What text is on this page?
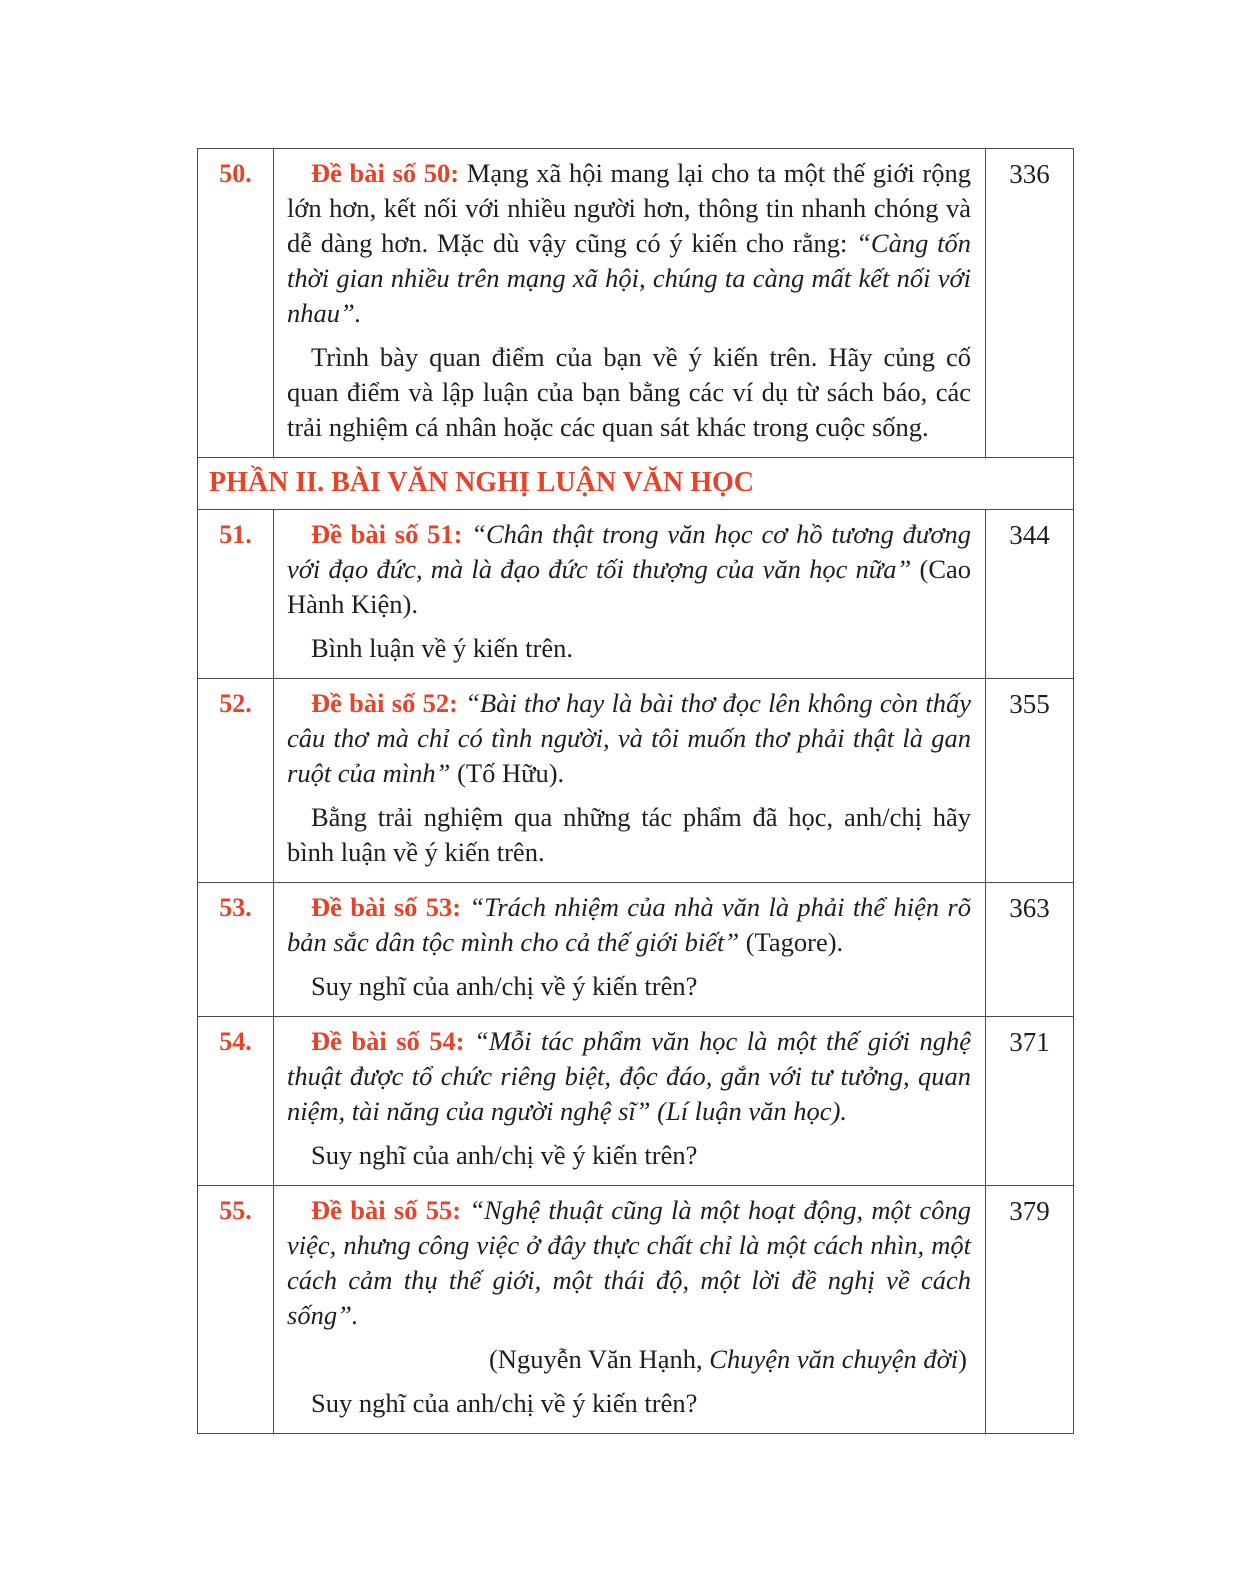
50.	Đề bài số 50: Mạng xã hội mang lại cho ta một thế giới rộng lớn hơn, kết nối với nhiều người hơn, thông tin nhanh chóng và dễ dàng hơn. Mặc dù vậy cũng có ý kiến cho rằng: “Càng tốn thời gian nhiều trên mạng xã hội, chúng ta càng mất kết nối với nhau”.

Trình bày quan điểm của bạn về ý kiến trên. Hãy củng cố quan điểm và lập luận của bạn bằng các ví dụ từ sách báo, các trải nghiệm cá nhân hoặc các quan sát khác trong cuộc sống.	336
PHẦN II. BÀI VĂN NGHỊ LUẬN VĂN HỌC		
51.	Đề bài số 51: “Chân thật trong văn học cơ hồ tương đương với đạo đức, mà là đạo đức tối thượng của văn học nữa” (Cao Hành Kiện).

Bình luận về ý kiến trên.	344
52.	Đề bài số 52: “Bài thơ hay là bài thơ đọc lên không còn thấy câu thơ mà chỉ có tình người, và tôi muốn thơ phải thật là gan ruột của mình” (Tố Hữu).

Bằng trải nghiệm qua những tác phẩm đã học, anh/chị hãy bình luận về ý kiến trên.	355
53.	Đề bài số 53: “Trách nhiệm của nhà văn là phải thể hiện rõ bản sắc dân tộc mình cho cả thế giới biết” (Tagore).

Suy nghĩ của anh/chị về ý kiến trên?	363
54.	Đề bài số 54: “Mỗi tác phẩm văn học là một thế giới nghệ thuật được tổ chức riêng biệt, độc đáo, gắn với tư tưởng, quan niệm, tài năng của người nghệ sĩ” (Lí luận văn học).

Suy nghĩ của anh/chị về ý kiến trên?	371
55.	Đề bài số 55: “Nghệ thuật cũng là một hoạt động, một công việc, nhưng công việc ở đây thực chất chỉ là một cách nhìn, một cách cảm thụ thế giới, một thái độ, một lời đề nghị về cách sống”.

(Nguyễn Văn Hạnh, Chuyện văn chuyện đời)

Suy nghĩ của anh/chị về ý kiến trên?	379
